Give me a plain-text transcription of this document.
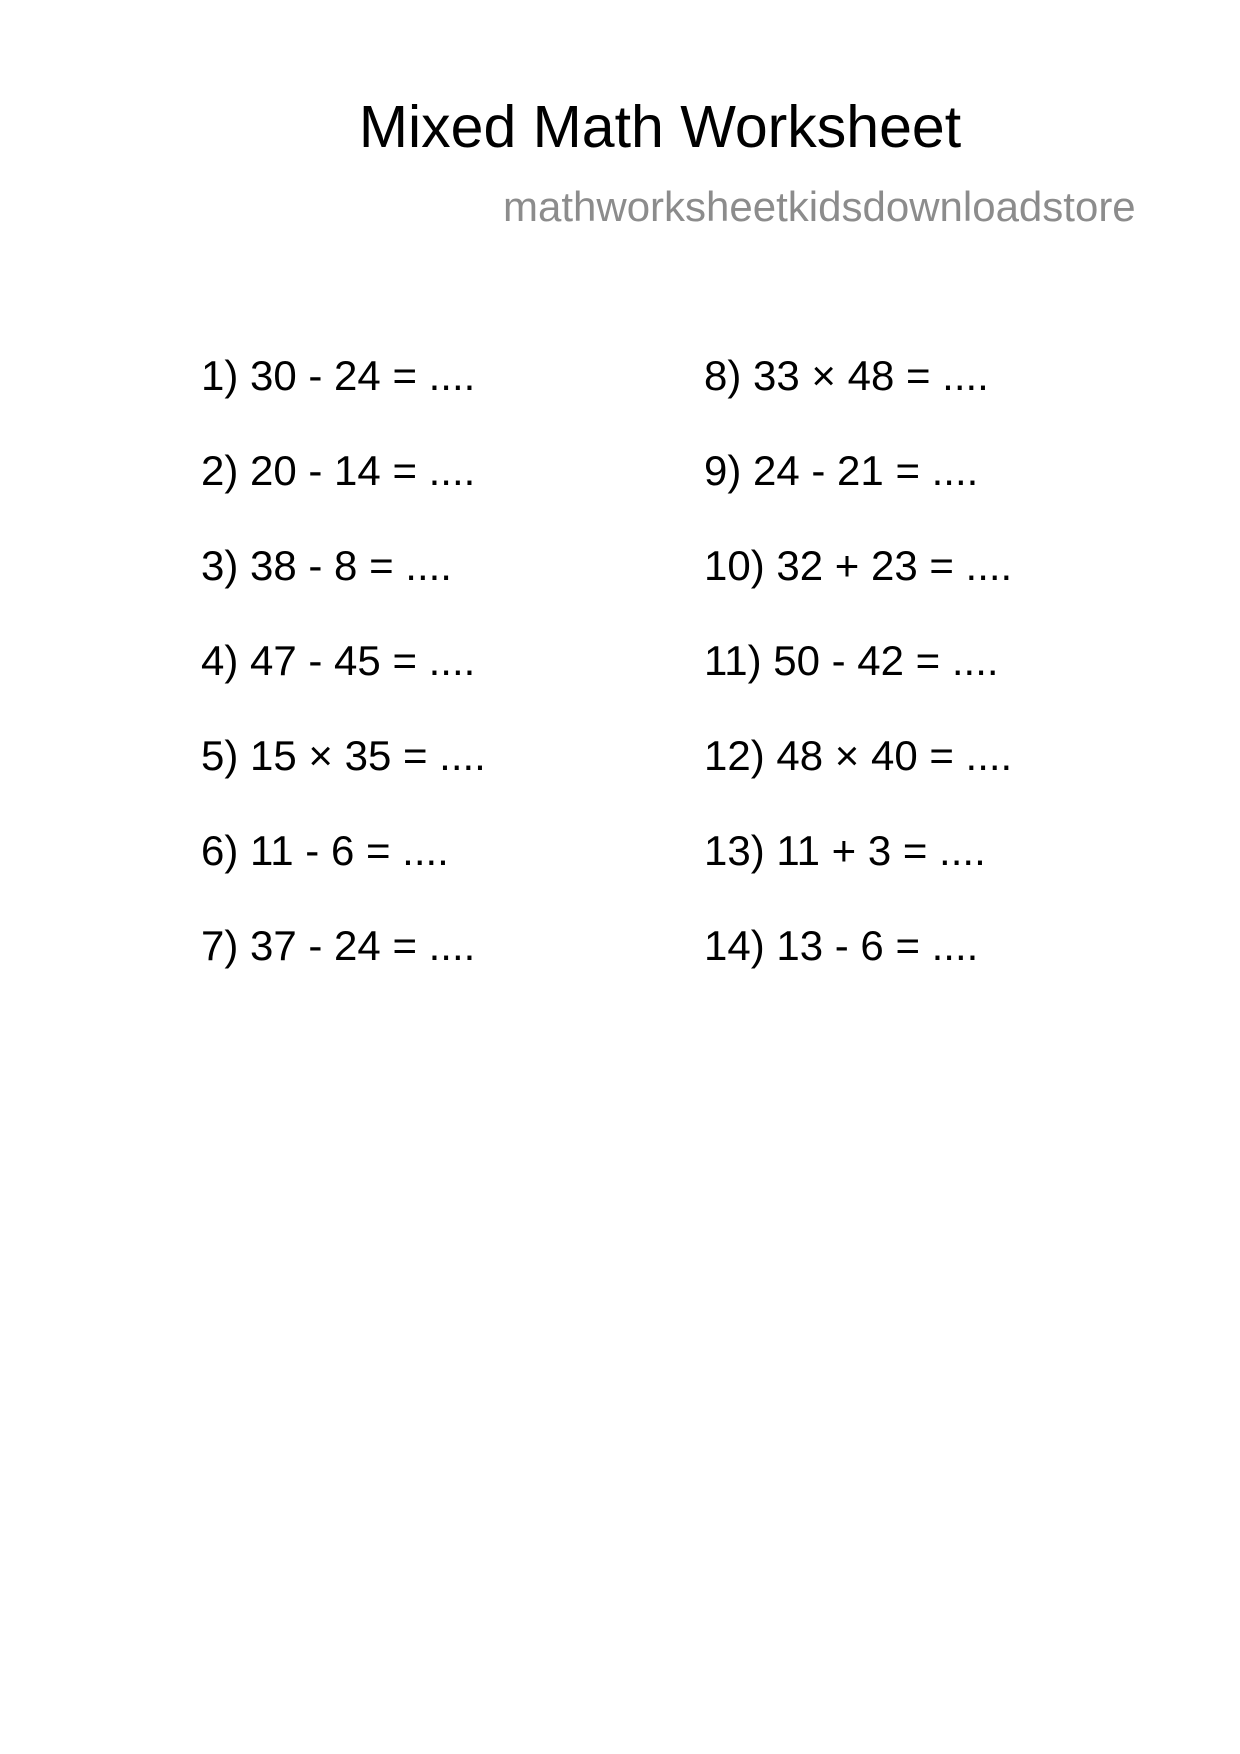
Mixed Math Worksheet
mathworksheetkidsdownloadstore
1) 30 - 24 = ....
2) 20 - 14 = ....
3) 38 - 8 = ....
4) 47 - 45 = ....
5) 15 × 35 = ....
6) 11 - 6 = ....
7) 37 - 24 = ....
8) 33 × 48 = ....
9) 24 - 21 = ....
10) 32 + 23 = ....
11) 50 - 42 = ....
12) 48 × 40 = ....
13) 11 + 3 = ....
14) 13 - 6 = ....
